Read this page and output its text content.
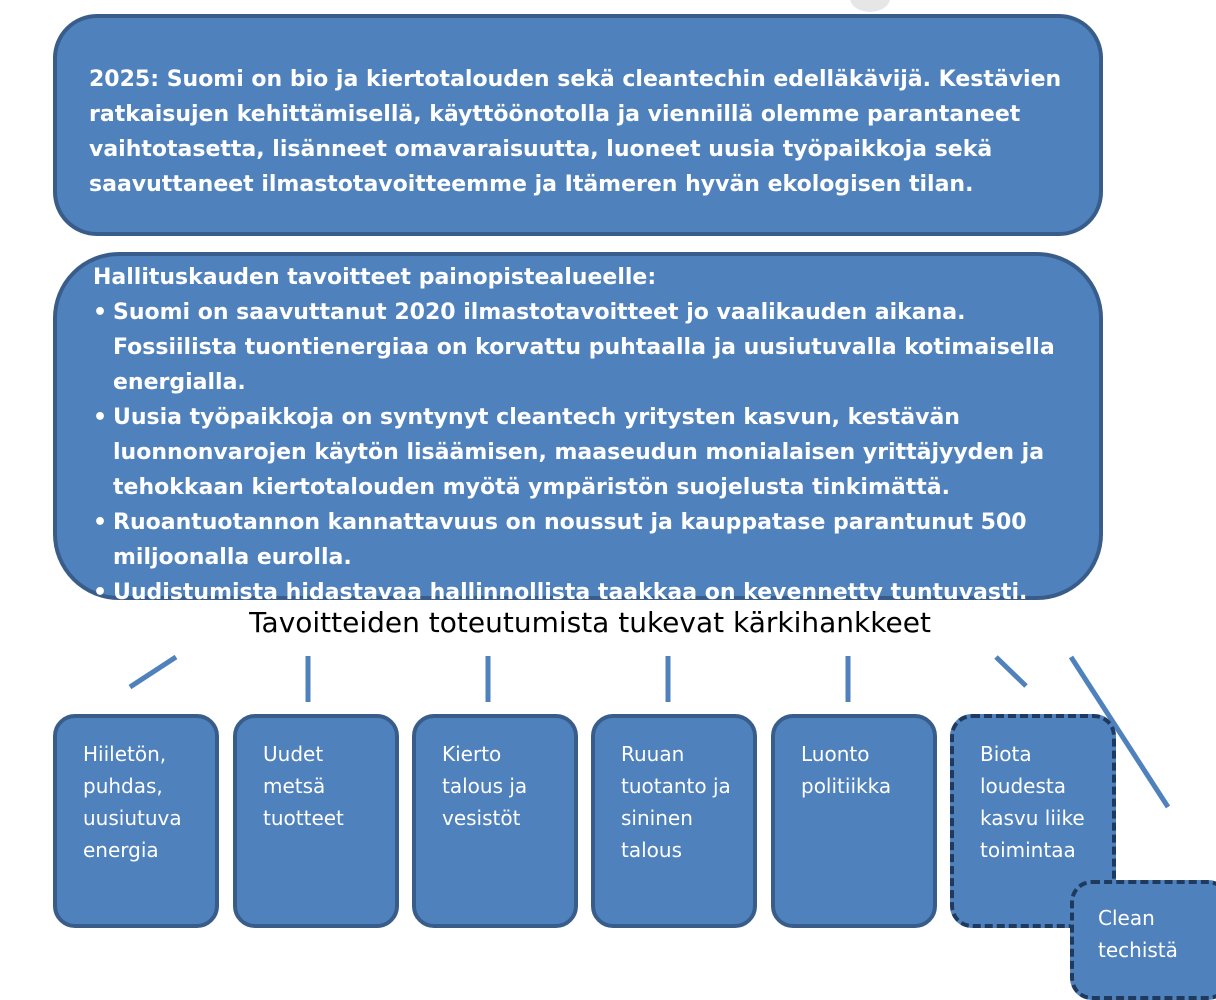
2025: Suomi on bio ja kiertotalouden sekä cleantechin edelläkävijä. Kestävien ratkaisujen kehittämisellä, käyttöönotolla ja viennillä olemme parantaneet vaihtotasetta, lisänneet omavaraisuutta, luoneet uusia työpaikkoja sekä saavuttaneet ilmastotavoitteemme ja Itämeren hyvän ekologisen tilan.
Hallituskauden tavoitteet painopistealueelle:
• Suomi on saavuttanut 2020 ilmastotavoitteet jo vaalikauden aikana. Fossiilista tuontienergiaa on korvattu puhtaalla ja uusiutuvalla kotimaisella energialla.
• Uusia työpaikkoja on syntynyt cleantech yritysten kasvun, kestävän luonnonvarojen käytön lisäämisen, maaseudun monialaisen yrittäjyyden ja tehokkaan kiertotalouden myötä ympäristön suojelusta tinkimättä.
• Ruoantuotannon kannattavuus on noussut ja kauppatase parantunut 500 miljoonalla eurolla.
• Uudistumista hidastavaa hallinnollista taakkaa on kevennetty tuntuvasti.
Tavoitteiden toteutumista tukevat kärkihankkeet
Hiiletön, puhdas, uusiutuva energia
Uudet metsä tuotteet
Kierto talous ja vesistöt
Ruuan tuotanto ja sininen talous
Luonto politiikka
Biota loudesta kasvu liike toimintaa
Clean techistä
